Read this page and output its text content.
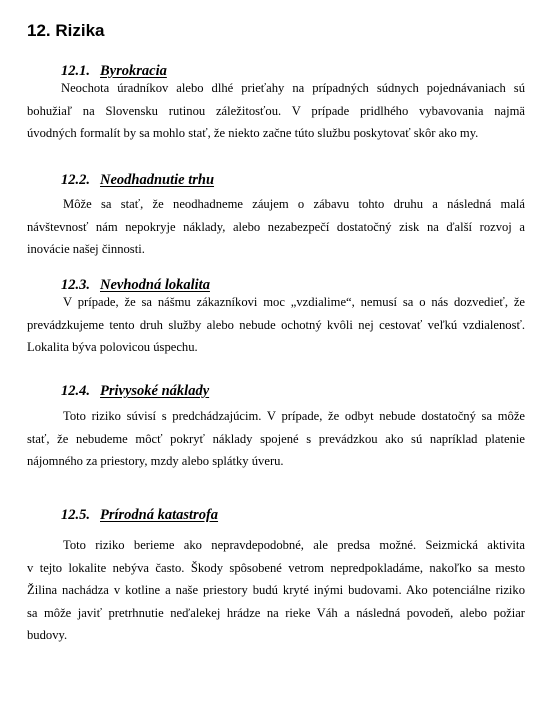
12. Rizika
12.1. Byrokracia
Neochota úradníkov alebo dlhé prieťahy na prípadných súdnych pojednávaniach sú
bohužiaľ na Slovensku rutinou záležitosťou. V prípade pridlhého vybavovania najmä
úvodných formalít by sa mohlo stať, že niekto začne túto službu poskytovať skôr ako my.
12.2. Neodhadnutie trhu
Môže sa stať, že neodhadneme záujem o zábavu tohto druhu a následná malá
návštevnosť nám nepokryje náklady, alebo nezabezpečí dostatočný zisk na ďalší rozvoj a
inovácie našej činnosti.
12.3. Nevhodná lokalita
V prípade, že sa nášmu zákazníkovi moc „vzdialime“, nemusí sa o nás dozvedieť, že
prevádzkujeme tento druh služby alebo nebude ochotný kvôli nej cestovať veľkú vzdialenosť.
Lokalita býva polovicou úspechu.
12.4. Privysoké náklady
Toto riziko súvisí s predchádzajúcim. V prípade, že odbyt nebude dostatočný sa môže
stať, že nebudeme môcť pokryť náklady spojené s prevádzkou ako sú napríklad platenie
nájomného za priestory, mzdy alebo splátky úveru.
12.5. Prírodná katastrofa
Toto riziko berieme ako nepravdepodobné, ale predsa možné. Seizmická aktivita
v tejto lokalite nebýva často. Škody spôsobené vetrom nepredpokladáme, nakoľko sa mesto
Žilina nachádza v kotline a naše priestory budú kryté inými budovami. Ako potenciálne riziko
sa môže javiť pretrhnutie neďalekej hrádze na rieke Váh a následná povodeň, alebo požiar
budovy.
